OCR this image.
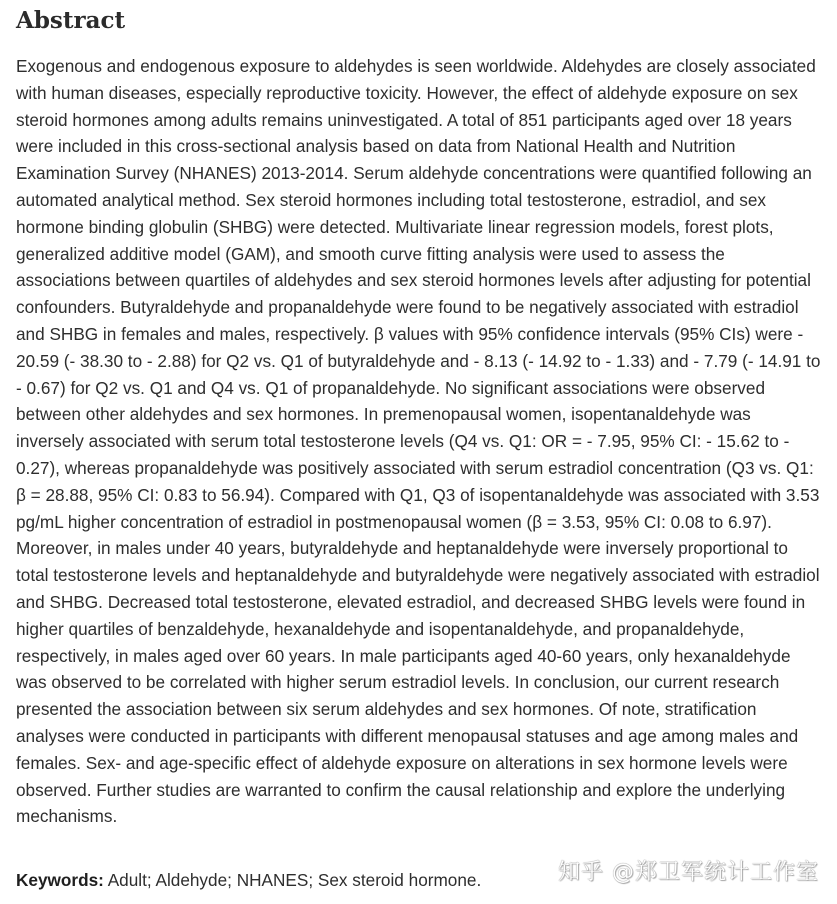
Abstract

Exogenous and endogenous exposure to aldehydes is seen worldwide. Aldehydes are closely associated with human diseases, especially reproductive toxicity. However, the effect of aldehyde exposure on sex steroid hormones among adults remains uninvestigated. A total of 851 participants aged over 18 years were included in this cross-sectional analysis based on data from National Health and Nutrition Examination Survey (NHANES) 2013-2014. Serum aldehyde concentrations were quantified following an automated analytical method. Sex steroid hormones including total testosterone, estradiol, and sex hormone binding globulin (SHBG) were detected. Multivariate linear regression models, forest plots, generalized additive model (GAM), and smooth curve fitting analysis were used to assess the associations between quartiles of aldehydes and sex steroid hormones levels after adjusting for potential confounders. Butyraldehyde and propanaldehyde were found to be negatively associated with estradiol and SHBG in females and males, respectively. β values with 95% confidence intervals (95% CIs) were - 20.59 (- 38.30 to - 2.88) for Q2 vs. Q1 of butyraldehyde and - 8.13 (- 14.92 to - 1.33) and - 7.79 (- 14.91 to - 0.67) for Q2 vs. Q1 and Q4 vs. Q1 of propanaldehyde. No significant associations were observed between other aldehydes and sex hormones. In premenopausal women, isopentanaldehyde was inversely associated with serum total testosterone levels (Q4 vs. Q1: OR = - 7.95, 95% CI: - 15.62 to - 0.27), whereas propanaldehyde was positively associated with serum estradiol concentration (Q3 vs. Q1: β = 28.88, 95% CI: 0.83 to 56.94). Compared with Q1, Q3 of isopentanaldehyde was associated with 3.53 pg/mL higher concentration of estradiol in postmenopausal women (β = 3.53, 95% CI: 0.08 to 6.97). Moreover, in males under 40 years, butyraldehyde and heptanaldehyde were inversely proportional to total testosterone levels and heptanaldehyde and butyraldehyde were negatively associated with estradiol and SHBG. Decreased total testosterone, elevated estradiol, and decreased SHBG levels were found in higher quartiles of benzaldehyde, hexanaldehyde and isopentanaldehyde, and propanaldehyde, respectively, in males aged over 60 years. In male participants aged 40-60 years, only hexanaldehyde was observed to be correlated with higher serum estradiol levels. In conclusion, our current research presented the association between six serum aldehydes and sex hormones. Of note, stratification analyses were conducted in participants with different menopausal statuses and age among males and females. Sex- and age-specific effect of aldehyde exposure on alterations in sex hormone levels were observed. Further studies are warranted to confirm the causal relationship and explore the underlying mechanisms.

Keywords: Adult; Aldehyde; NHANES; Sex steroid hormone.	知乎 @郑卫军统计工作室
